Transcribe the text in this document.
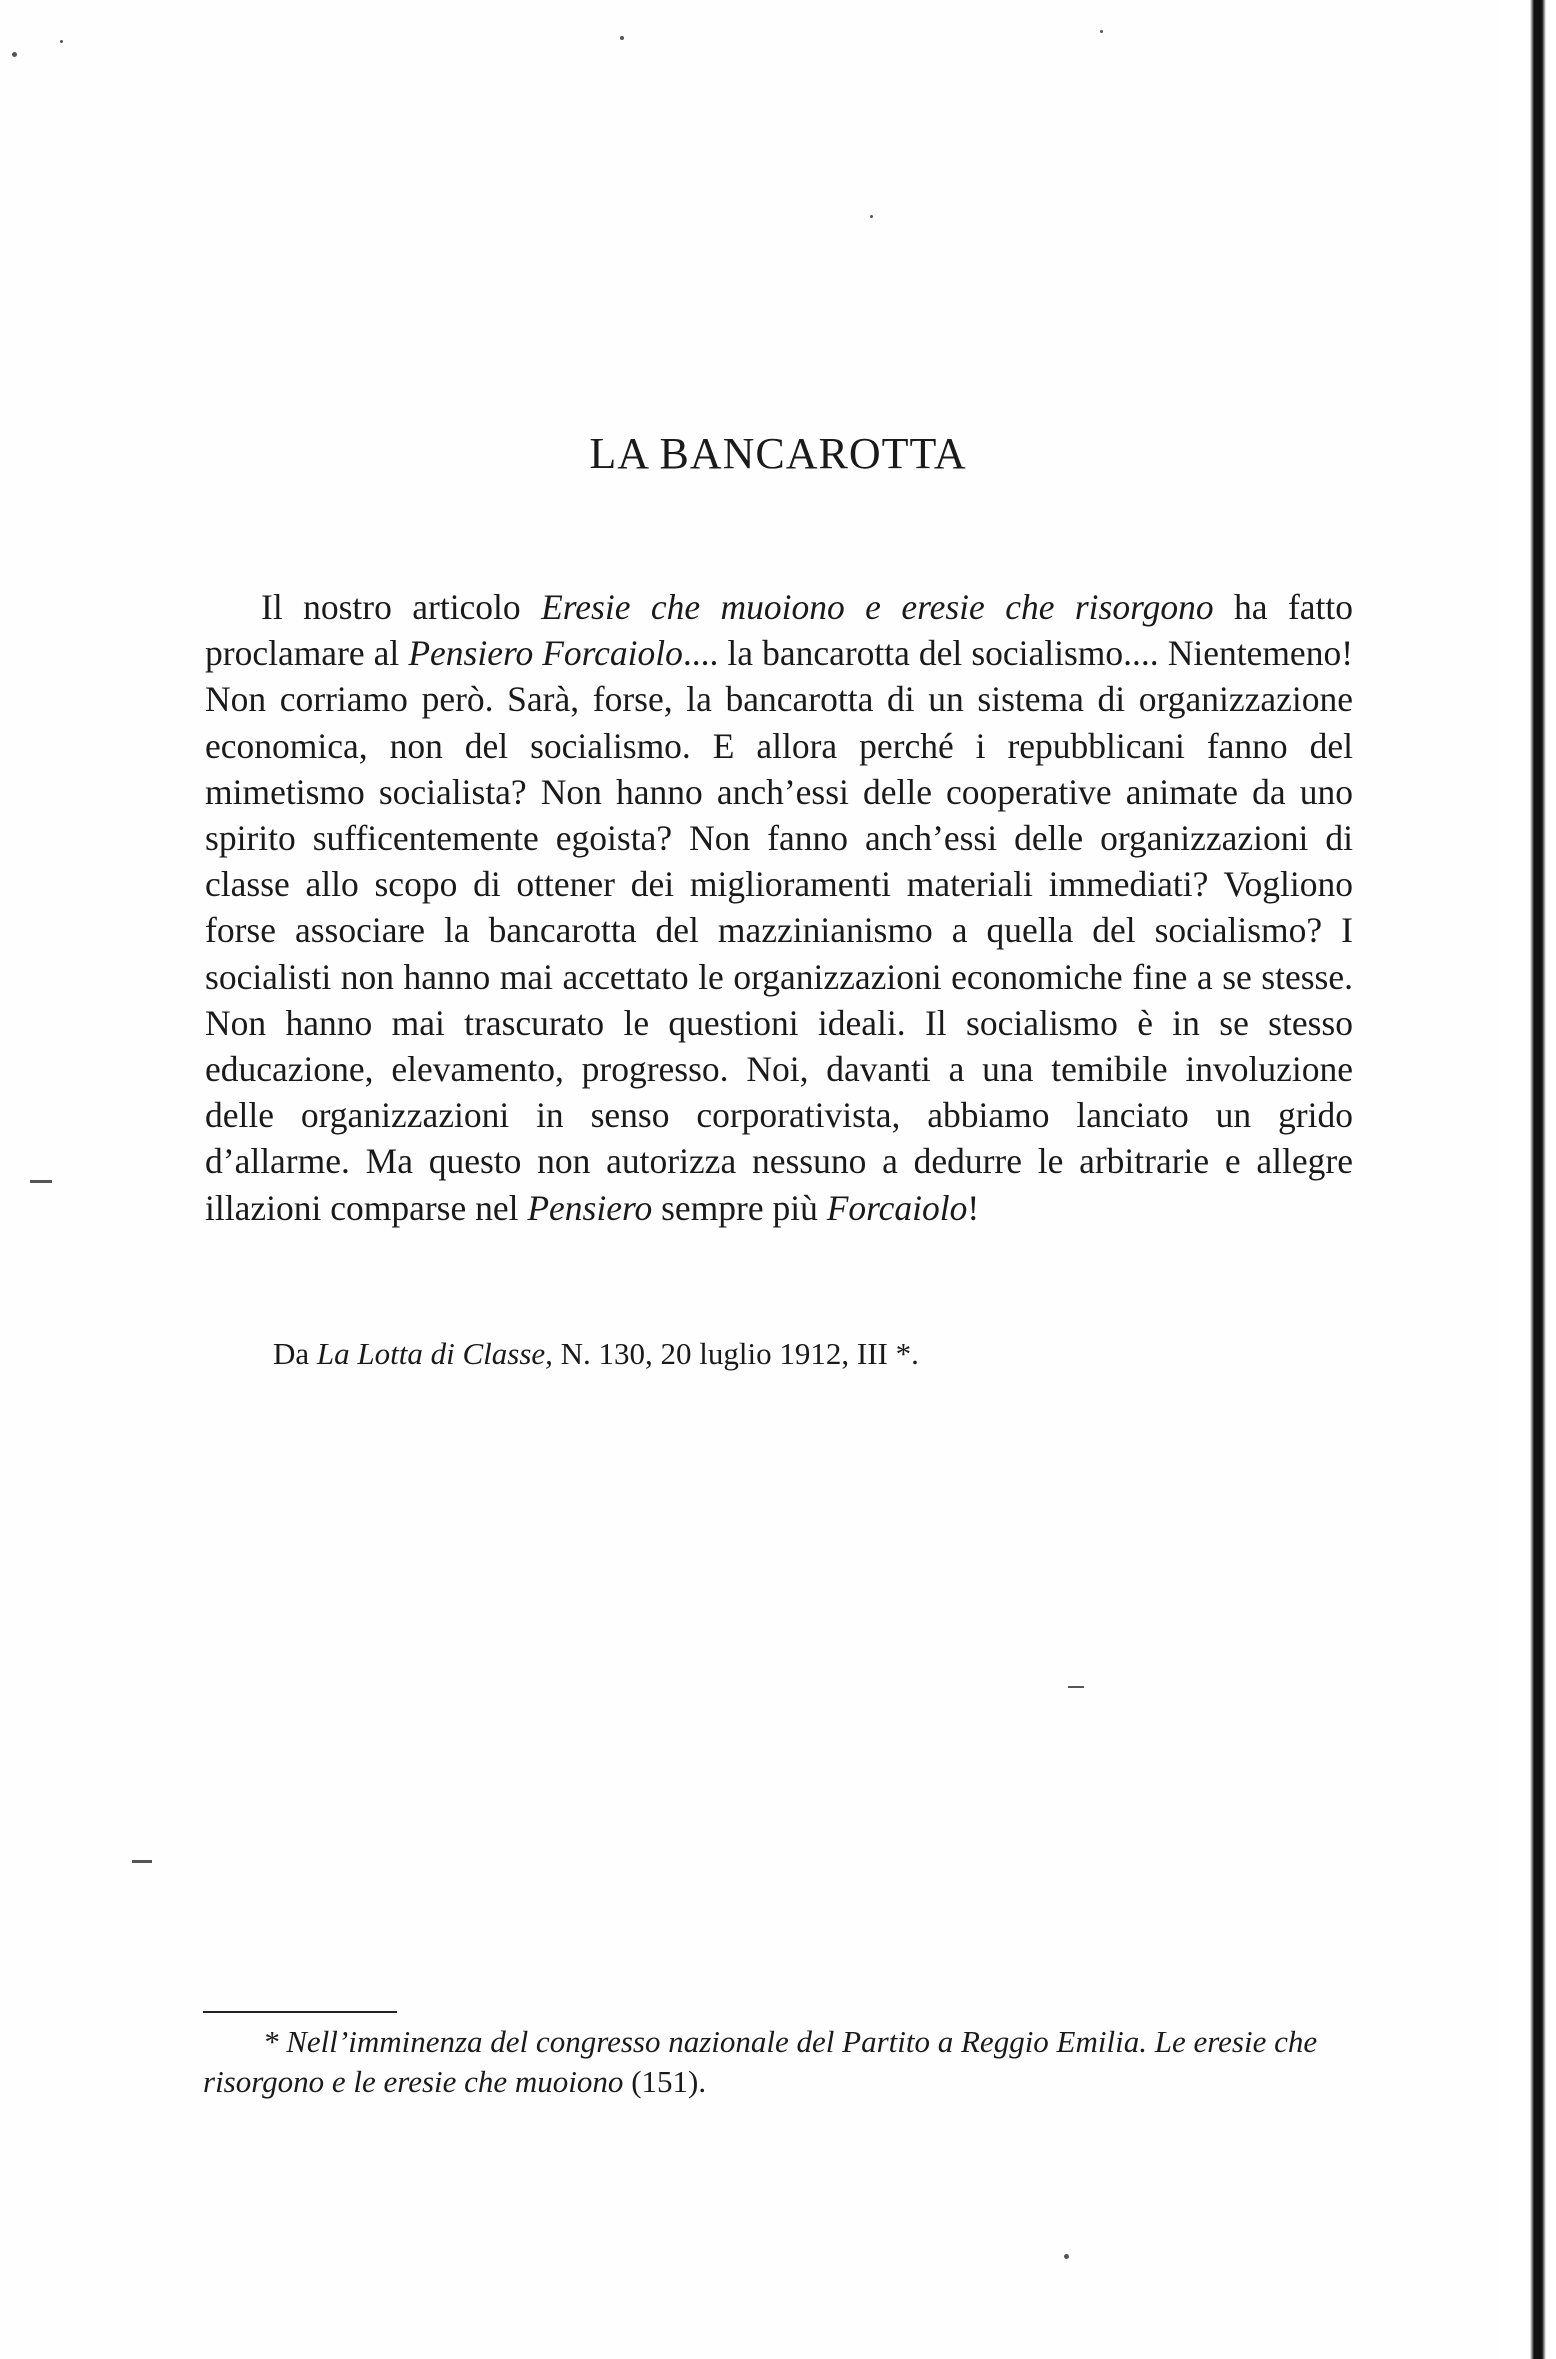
LA BANCAROTTA
Il nostro articolo Eresie che muoiono e eresie che risorgono ha fatto proclamare al Pensiero Forcaiolo.... la bancarotta del socialismo.... Nientemeno! Non corriamo però. Sarà, forse, la bancarotta di un sistema di organizzazione economica, non del socialismo. E allora perché i repubblicani fanno del mimetismo socialista? Non hanno anch’essi delle cooperative animate da uno spirito sufficentemente egoista? Non fanno anch’essi delle organizzazioni di classe allo scopo di ottener dei miglioramenti materiali immediati? Vogliono forse associare la bancarotta del mazzinianismo a quella del socialismo? I socialisti non hanno mai accettato le organizzazioni economiche fine a se stesse. Non hanno mai trascurato le questioni ideali. Il socialismo è in se stesso educazione, elevamento, progresso. Noi, davanti a una temibile involuzione delle organizzazioni in senso corporativista, abbiamo lanciato un grido d’allarme. Ma questo non autorizza nessuno a dedurre le arbitrarie e allegre illazioni comparse nel Pensiero sempre più Forcaiolo!
Da La Lotta di Classe, N. 130, 20 luglio 1912, III *.
* Nell’imminenza del congresso nazionale del Partito a Reggio Emilia. Le eresie che risorgono e le eresie che muoiono (151).
